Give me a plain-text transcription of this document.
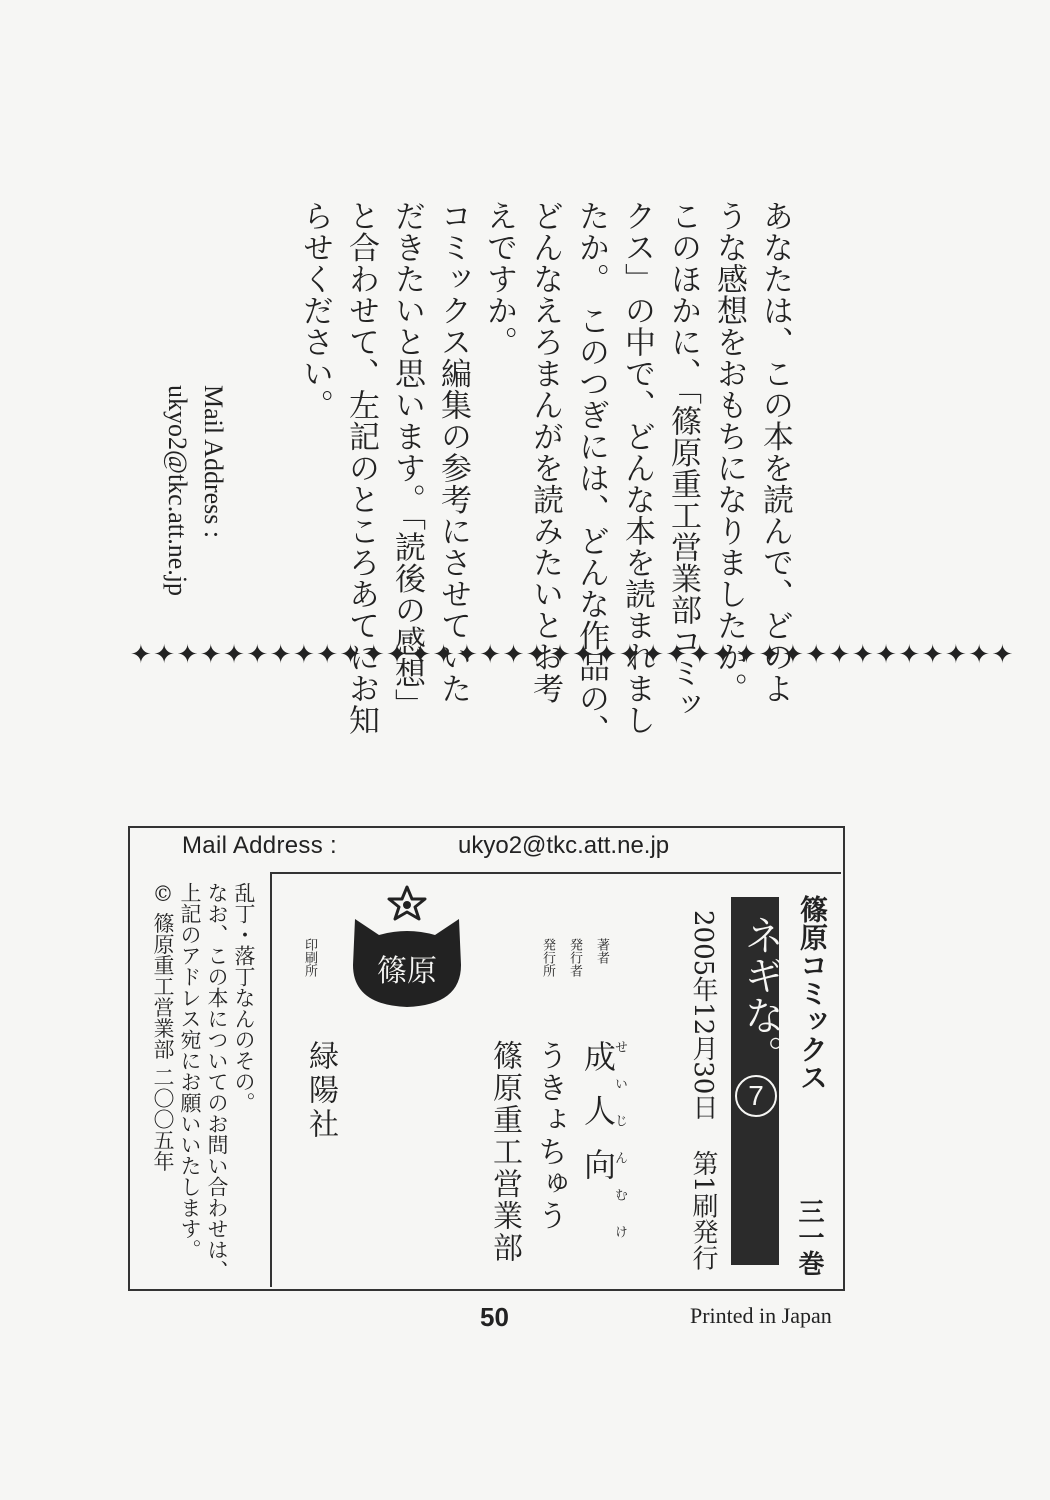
あなたは、この本を読んで、どのよ
うな感想をおもちになりましたか。
このほかに、「篠原重工営業部コミッ
クス」の中で、どんな本を読まれまし
たか。 このつぎには、どんな作品の、
どんなえろまんがを読みたいとお考
えですか。
コミックス編集の参考にさせていた
だきたいと思います。「読後の感想」
と合わせて、左記のところあてにお知
らせください。
Mail Address :
ukyo2@tkc.att.ne.jp
✦✦✦✦✦✦✦✦✦✦✦✦✦✦✦✦✦✦✦✦✦✦✦✦✦✦✦✦✦✦✦✦✦✦✦✦✦✦
Mail Address :	ukyo2@tkc.att.ne.jp
篠原コミックス
三一巻
ネギな。
7
2005年12月30日
第1刷発行
著者
発行者
発行所
印刷所
せいじんむけ
成人向
うきょちゅう
篠原重工営業部
緑陽社
篠原
乱丁・落丁なんのその。
なお、この本についてのお問い合わせは、
上記のアドレス宛にお願いいたします。
© 篠原重工営業部 二〇〇五年
50	Printed in Japan
